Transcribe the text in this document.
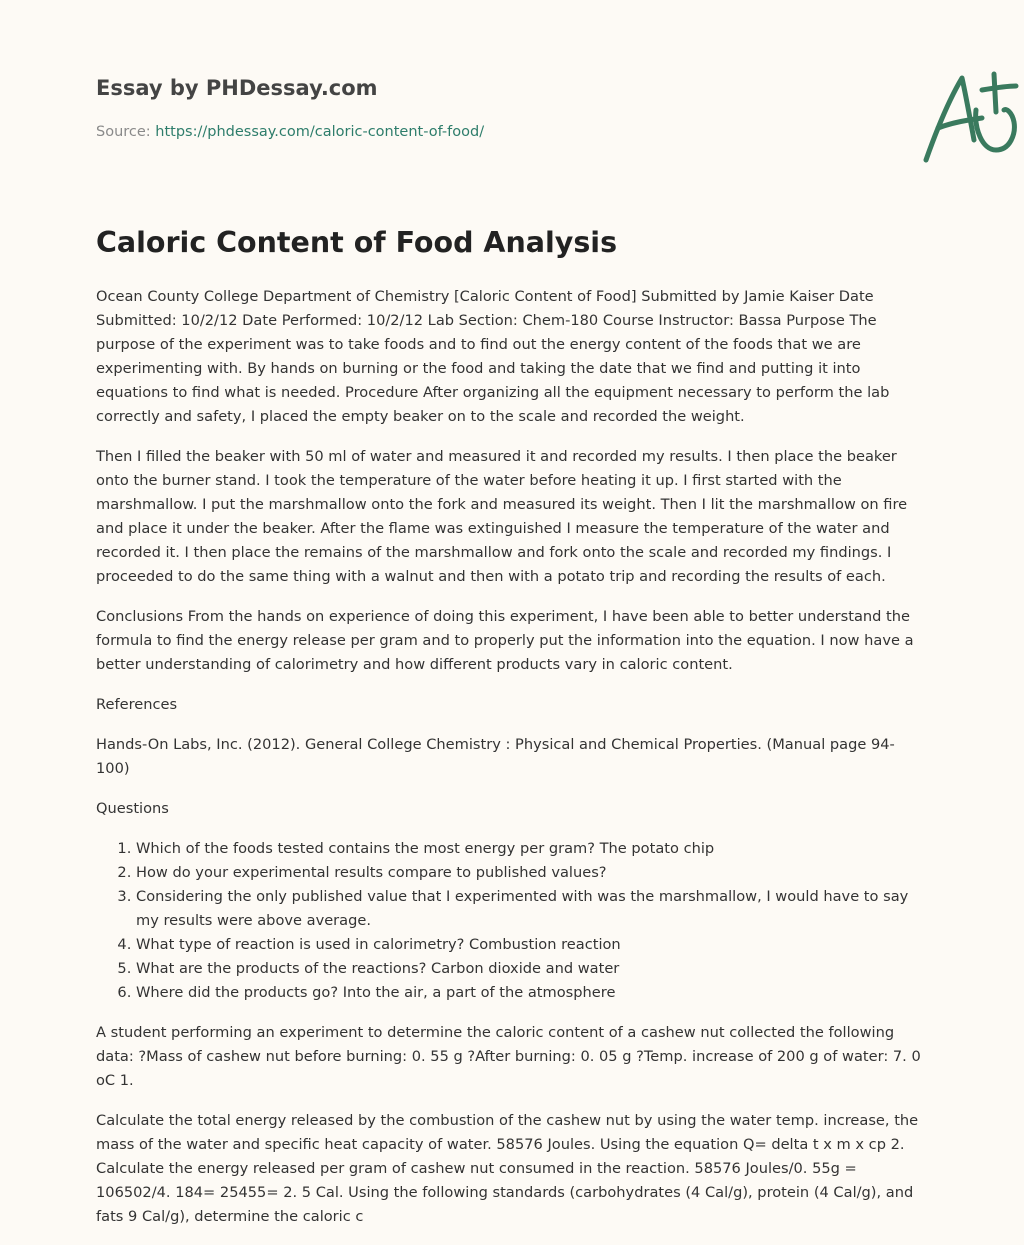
Essay by PHDessay.com
Source: https://phdessay.com/caloric-content-of-food/
Caloric Content of Food Analysis

Ocean County College Department of Chemistry [Caloric Content of Food] Submitted by Jamie Kaiser Date Submitted: 10/2/12 Date Performed: 10/2/12 Lab Section: Chem-180 Course Instructor: Bassa Purpose The purpose of the experiment was to take foods and to find out the energy content of the foods that we are experimenting with. By hands on burning or the food and taking the date that we find and putting it into equations to find what is needed. Procedure After organizing all the equipment necessary to perform the lab correctly and safety, I placed the empty beaker on to the scale and recorded the weight.

Then I filled the beaker with 50 ml of water and measured it and recorded my results. I then place the beaker onto the burner stand. I took the temperature of the water before heating it up. I first started with the marshmallow. I put the marshmallow onto the fork and measured its weight. Then I lit the marshmallow on fire and place it under the beaker. After the flame was extinguished I measure the temperature of the water and recorded it. I then place the remains of the marshmallow and fork onto the scale and recorded my findings. I proceeded to do the same thing with a walnut and then with a potato trip and recording the results of each.

Conclusions From the hands on experience of doing this experiment, I have been able to better understand the formula to find the energy release per gram and to properly put the information into the equation. I now have a better understanding of calorimetry and how different products vary in caloric content.

References

Hands-On Labs, Inc. (2012). General College Chemistry : Physical and Chemical Properties. (Manual page 94-100)

Questions

1. Which of the foods tested contains the most energy per gram? The potato chip
2. How do your experimental results compare to published values?
3. Considering the only published value that I experimented with was the marshmallow, I would have to say my results were above average.
4. What type of reaction is used in calorimetry? Combustion reaction
5. What are the products of the reactions? Carbon dioxide and water
6. Where did the products go? Into the air, a part of the atmosphere

A student performing an experiment to determine the caloric content of a cashew nut collected the following data: ?Mass of cashew nut before burning: 0. 55 g ?After burning: 0. 05 g ?Temp. increase of 200 g of water: 7. 0 oC 1.

Calculate the total energy released by the combustion of the cashew nut by using the water temp. increase, the mass of the water and specific heat capacity of water. 58576 Joules. Using the equation Q= delta t x m x cp 2. Calculate the energy released per gram of cashew nut consumed in the reaction. 58576 Joules/0. 55g = 106502/4. 184= 25455= 2. 5 Cal. Using the following standards (carbohydrates (4 Cal/g), protein (4 Cal/g), and fats 9 Cal/g), determine the caloric c
